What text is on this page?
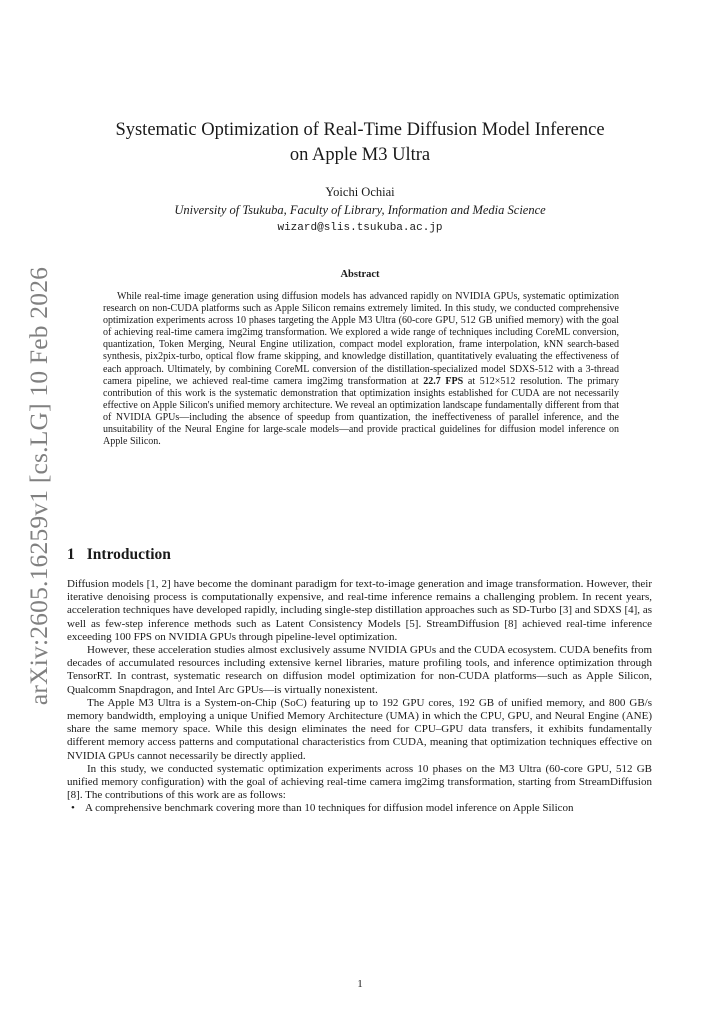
arXiv:2605.16259v1 [cs.LG] 10 Feb 2026
Systematic Optimization of Real-Time Diffusion Model Inference
on Apple M3 Ultra
Yoichi Ochiai
University of Tsukuba, Faculty of Library, Information and Media Science
wizard@slis.tsukuba.ac.jp
Abstract

While real-time image generation using diffusion models has advanced rapidly on NVIDIA GPUs, systematic optimization research on non-CUDA platforms such as Apple Silicon remains extremely limited. In this study, we conducted comprehensive optimization experiments across 10 phases targeting the Apple M3 Ultra (60-core GPU, 512 GB unified memory) with the goal of achieving real-time camera img2img transformation. We explored a wide range of techniques including CoreML conversion, quantization, Token Merging, Neural Engine utilization, compact model exploration, frame interpolation, kNN search-based synthesis, pix2pix-turbo, optical flow frame skipping, and knowledge distillation, quantitatively evaluating the effectiveness of each approach. Ultimately, by combining CoreML conversion of the distillation-specialized model SDXS-512 with a 3-thread camera pipeline, we achieved real-time camera img2img transformation at 22.7 FPS at 512×512 resolution. The primary contribution of this work is the systematic demonstration that optimization insights established for CUDA are not necessarily effective on Apple Silicon's unified memory architecture. We reveal an optimization landscape fundamentally different from that of NVIDIA GPUs—including the absence of speedup from quantization, the ineffectiveness of parallel inference, and the unsuitability of the Neural Engine for large-scale models—and provide practical guidelines for diffusion model inference on Apple Silicon.

1 Introduction

Diffusion models [1, 2] have become the dominant paradigm for text-to-image generation and image transformation. However, their iterative denoising process is computationally expensive, and real-time inference remains a challenging problem. In recent years, acceleration techniques have developed rapidly, including single-step distillation approaches such as SD-Turbo [3] and SDXS [4], as well as few-step inference methods such as Latent Consistency Models [5]. StreamDiffusion [8] achieved real-time inference exceeding 100 FPS on NVIDIA GPUs through pipeline-level optimization.

However, these acceleration studies almost exclusively assume NVIDIA GPUs and the CUDA ecosystem. CUDA benefits from decades of accumulated resources including extensive kernel libraries, mature profiling tools, and inference optimization through TensorRT. In contrast, systematic research on diffusion model optimization for non-CUDA platforms—such as Apple Silicon, Qualcomm Snapdragon, and Intel Arc GPUs—is virtually nonexistent.

The Apple M3 Ultra is a System-on-Chip (SoC) featuring up to 192 GPU cores, 192 GB of unified memory, and 800 GB/s memory bandwidth, employing a unique Unified Memory Architecture (UMA) in which the CPU, GPU, and Neural Engine (ANE) share the same memory space. While this design eliminates the need for CPU–GPU data transfers, it exhibits fundamentally different memory access patterns and computational characteristics from CUDA, meaning that optimization techniques effective on NVIDIA GPUs cannot necessarily be directly applied.

In this study, we conducted systematic optimization experiments across 10 phases on the M3 Ultra (60-core GPU, 512 GB unified memory configuration) with the goal of achieving real-time camera img2img transformation, starting from StreamDiffusion [8]. The contributions of this work are as follows:

• A comprehensive benchmark covering more than 10 techniques for diffusion model inference on Apple Silicon
1
